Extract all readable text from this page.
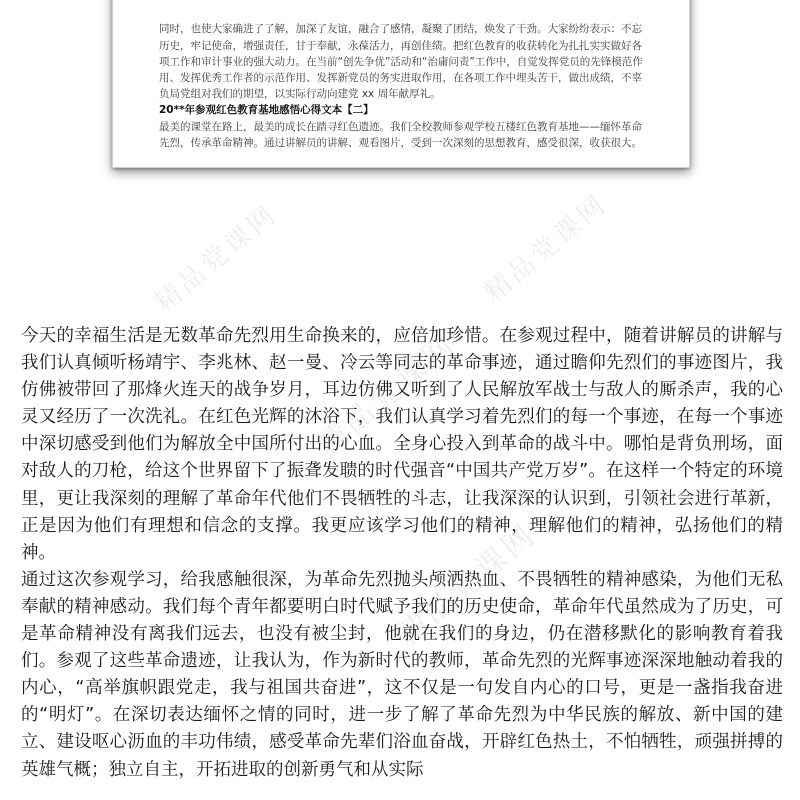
同时，也使大家确进了了解，加深了友谊，融合了感情，凝聚了团结，焕发了干劲。大家纷纷表示：不忘历史，牢记使命，增强责任，甘于奉献，永葆活力，再创佳绩。把红色教育的收获转化为扎扎实实做好各项工作和审计事业的强大动力。在当前“创先争优”活动和“治庸问责”工作中，自觉发挥党员的先锋模范作用、发挥优秀工作者的示范作用、发挥新党员的务实进取作用，在各项工作中埋头苦干，做出成绩，不辜负局党组对我们的期望，以实际行动向建党 xx 周年献厚礼。

20**年参观红色教育基地感悟心得文本【二】

最美的课堂在路上，最美的成长在踏寻红色遗迹。我们全校教师参观学校五楼红色教育基地——缅怀革命先烈，传承革命精神。通过讲解员的讲解、观看图片，受到一次深刻的思想教育，感受很深，收获很大。

精品党课网	精品党课网
精品党课网
精品党课网

今天的幸福生活是无数革命先烈用生命换来的，应倍加珍惜。在参观过程中，随着讲解员的讲解与我们认真倾听杨靖宇、李兆林、赵一曼、冷云等同志的革命事迹，通过瞻仰先烈们的事迹图片，我仿佛被带回了那烽火连天的战争岁月，耳边仿佛又听到了人民解放军战士与敌人的厮杀声，我的心灵又经历了一次洗礼。在红色光辉的沐浴下，我们认真学习着先烈们的每一个事迹，在每一个事迹中深切感受到他们为解放全中国所付出的心血。全身心投入到革命的战斗中。哪怕是背负刑场，面对敌人的刀枪，给这个世界留下了振聋发聩的时代强音“中国共产党万岁”。在这样一个特定的环境里，更让我深刻的理解了革命年代他们不畏牺牲的斗志，让我深深的认识到，引领社会进行革新，正是因为他们有理想和信念的支撑。我更应该学习他们的精神，理解他们的精神，弘扬他们的精神。

通过这次参观学习，给我感触很深，为革命先烈抛头颅洒热血、不畏牺牲的精神感染，为他们无私奉献的精神感动。我们每个青年都要明白时代赋予我们的历史使命，革命年代虽然成为了历史，可是革命精神没有离我们远去，也没有被尘封，他就在我们的身边，仍在潜移默化的影响教育着我们。参观了这些革命遗迹，让我认为，作为新时代的教师，革命先烈的光辉事迹深深地触动着我的内心，“高举旗帜跟党走，我与祖国共奋进”，这不仅是一句发自内心的口号，更是一盏指我奋进的“明灯”。在深切表达缅怀之情的同时，进一步了解了革命先烈为中华民族的解放、新中国的建立、建设呕心沥血的丰功伟绩，感受革命先辈们浴血奋战，开辟红色热土，不怕牺牲，顽强拼搏的英雄气概；独立自主，开拓进取的创新勇气和从实际
